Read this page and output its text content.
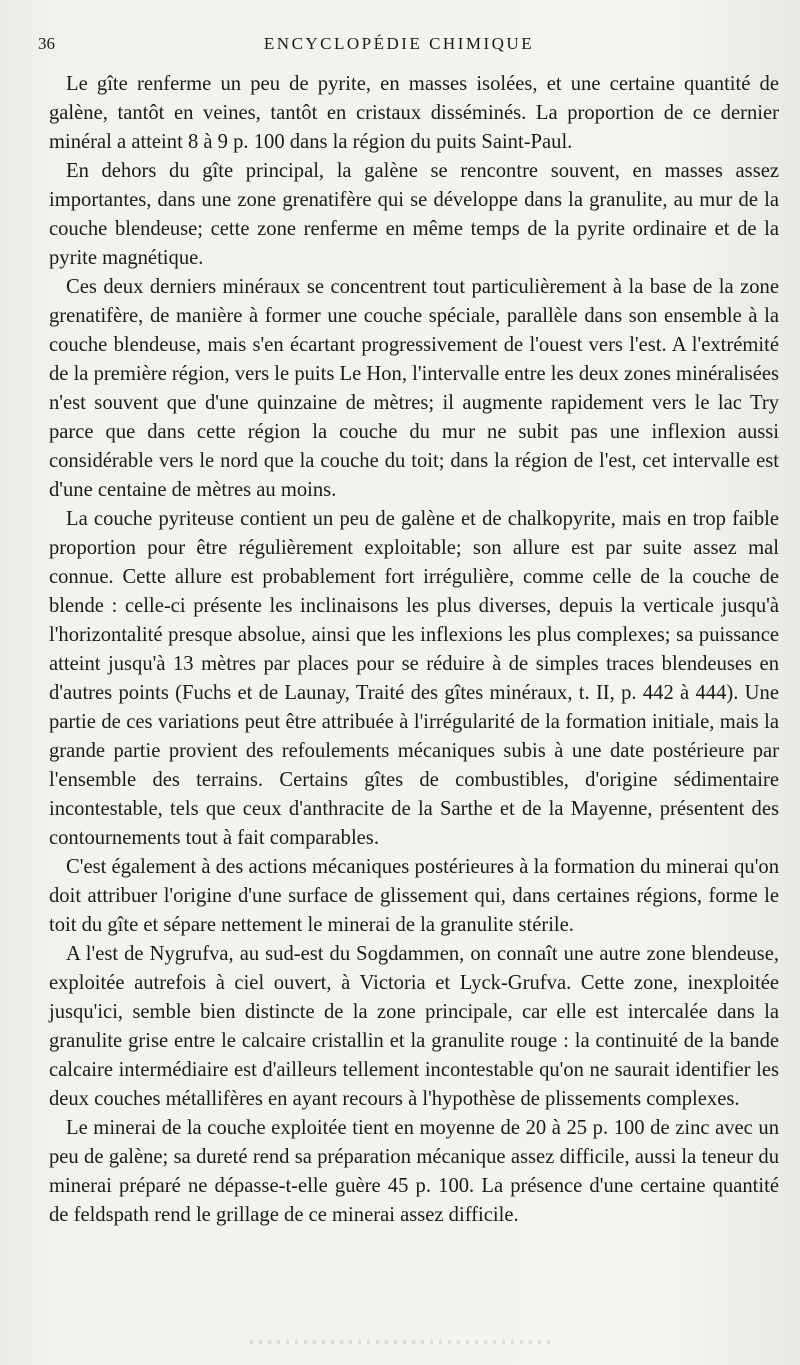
36	ENCYCLOPÉDIE CHIMIQUE

Le gîte renferme un peu de pyrite, en masses isolées, et une certaine quantité de galène, tantôt en veines, tantôt en cristaux disséminés. La proportion de ce dernier minéral a atteint 8 à 9 p. 100 dans la région du puits Saint-Paul.

En dehors du gîte principal, la galène se rencontre souvent, en masses assez importantes, dans une zone grenatifère qui se développe dans la granulite, au mur de la couche blendeuse; cette zone renferme en même temps de la pyrite ordinaire et de la pyrite magnétique.

Ces deux derniers minéraux se concentrent tout particulièrement à la base de la zone grenatifère, de manière à former une couche spéciale, parallèle dans son ensemble à la couche blendeuse, mais s'en écartant progressivement de l'ouest vers l'est. A l'extrémité de la première région, vers le puits Le Hon, l'intervalle entre les deux zones minéralisées n'est souvent que d'une quinzaine de mètres; il augmente rapidement vers le lac Try parce que dans cette région la couche du mur ne subit pas une inflexion aussi considérable vers le nord que la couche du toit; dans la région de l'est, cet intervalle est d'une centaine de mètres au moins.

La couche pyriteuse contient un peu de galène et de chalkopyrite, mais en trop faible proportion pour être régulièrement exploitable; son allure est par suite assez mal connue. Cette allure est probablement fort irrégulière, comme celle de la couche de blende : celle-ci présente les inclinaisons les plus diverses, depuis la verticale jusqu'à l'horizontalité presque absolue, ainsi que les inflexions les plus complexes; sa puissance atteint jusqu'à 13 mètres par places pour se réduire à de simples traces blendeuses en d'autres points (Fuchs et de Launay, Traité des gîtes minéraux, t. II, p. 442 à 444). Une partie de ces variations peut être attribuée à l'irrégularité de la formation initiale, mais la grande partie provient des refoulements mécaniques subis à une date postérieure par l'ensemble des terrains. Certains gîtes de combustibles, d'origine sédimentaire incontestable, tels que ceux d'anthracite de la Sarthe et de la Mayenne, présentent des contournements tout à fait comparables.

C'est également à des actions mécaniques postérieures à la formation du minerai qu'on doit attribuer l'origine d'une surface de glissement qui, dans certaines régions, forme le toit du gîte et sépare nettement le minerai de la granulite stérile.

A l'est de Nygrufva, au sud-est du Sogdammen, on connaît une autre zone blendeuse, exploitée autrefois à ciel ouvert, à Victoria et Lyck-Grufva. Cette zone, inexploitée jusqu'ici, semble bien distincte de la zone principale, car elle est intercalée dans la granulite grise entre le calcaire cristallin et la granulite rouge : la continuité de la bande calcaire intermédiaire est d'ailleurs tellement incontestable qu'on ne saurait identifier les deux couches métallifères en ayant recours à l'hypothèse de plissements complexes.

Le minerai de la couche exploitée tient en moyenne de 20 à 25 p. 100 de zinc avec un peu de galène; sa dureté rend sa préparation mécanique assez difficile, aussi la teneur du minerai préparé ne dépasse-t-elle guère 45 p. 100. La présence d'une certaine quantité de feldspath rend le grillage de ce minerai assez difficile.
